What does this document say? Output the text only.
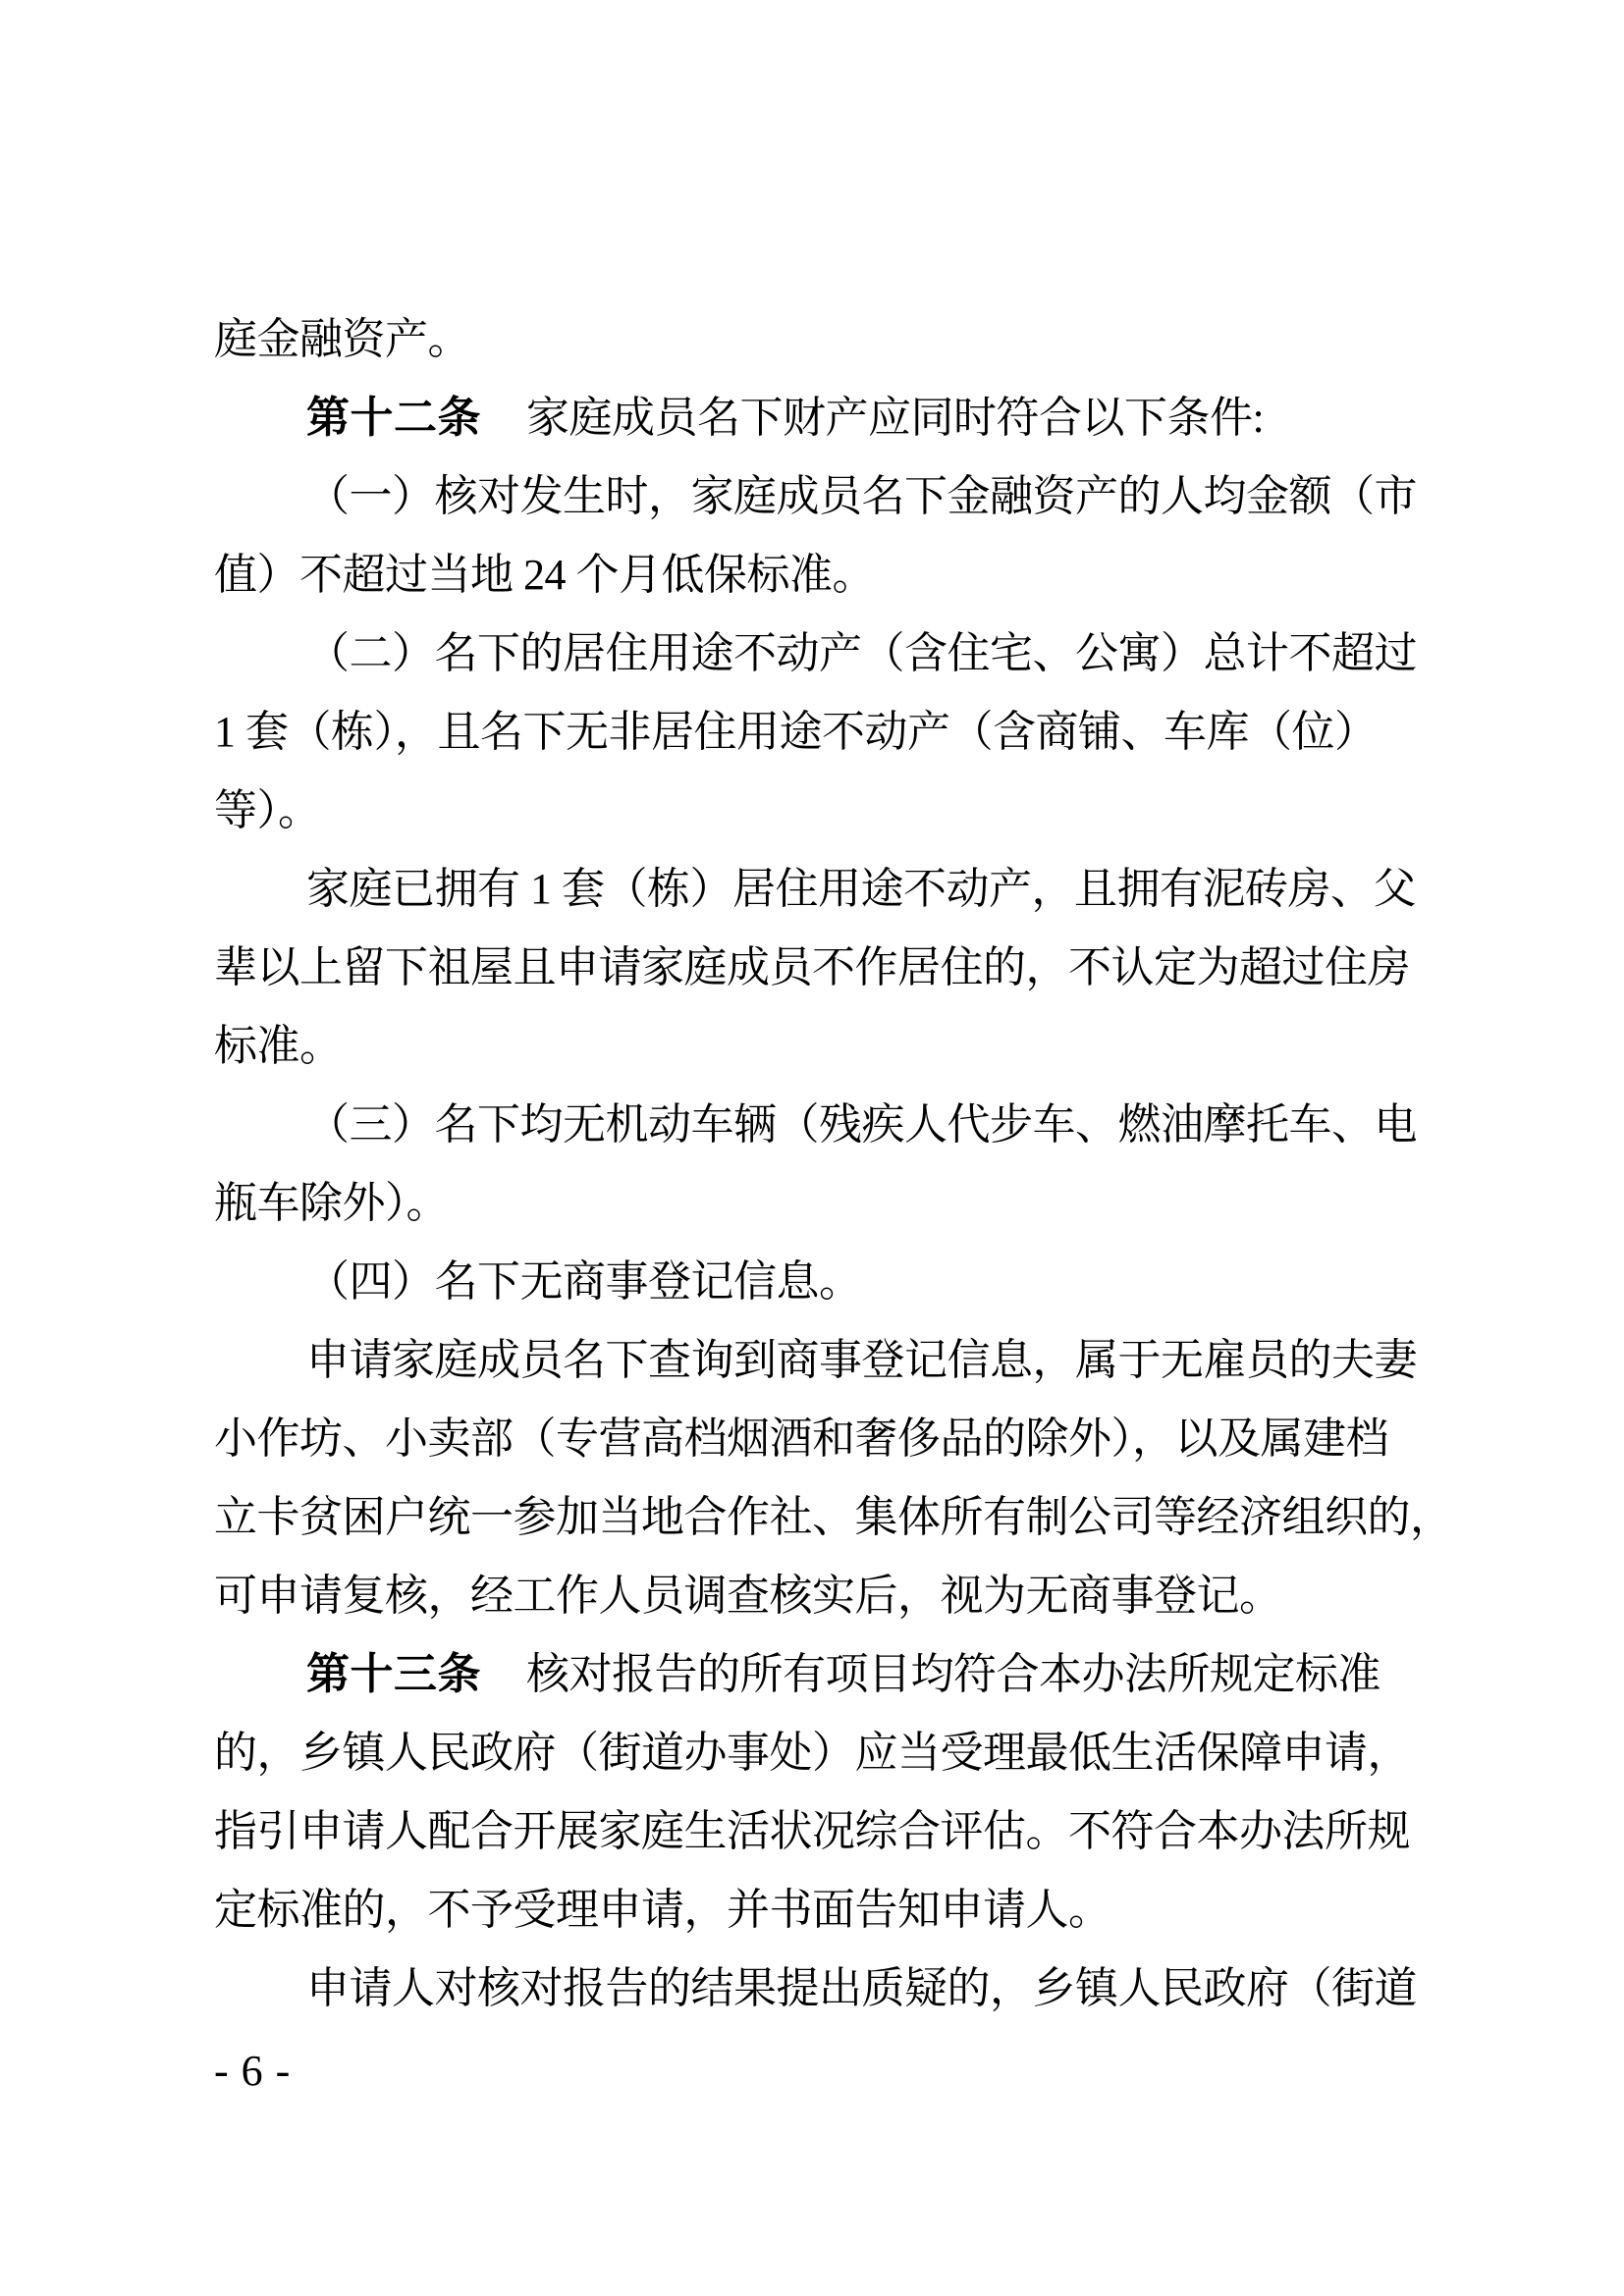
庭金融资产。
第十二条 家庭成员名下财产应同时符合以下条件:
（一）核对发生时，家庭成员名下金融资产的人均金额（市
值）不超过当地 24 个月低保标准。
（二）名下的居住用途不动产（含住宅、公寓）总计不超过
1 套（栋），且名下无非居住用途不动产（含商铺、车库（位）
等）。
家庭已拥有 1 套（栋）居住用途不动产，且拥有泥砖房、父
辈以上留下祖屋且申请家庭成员不作居住的，不认定为超过住房
标准。
（三）名下均无机动车辆（残疾人代步车、燃油摩托车、电
瓶车除外）。
（四）名下无商事登记信息。
申请家庭成员名下查询到商事登记信息，属于无雇员的夫妻
小作坊、小卖部（专营高档烟酒和奢侈品的除外），以及属建档
立卡贫困户统一参加当地合作社、集体所有制公司等经济组织的，
可申请复核，经工作人员调查核实后，视为无商事登记。
第十三条 核对报告的所有项目均符合本办法所规定标准
的，乡镇人民政府（街道办事处）应当受理最低生活保障申请，
指引申请人配合开展家庭生活状况综合评估。不符合本办法所规
定标准的，不予受理申请，并书面告知申请人。
申请人对核对报告的结果提出质疑的，乡镇人民政府（街道
- 6 -
